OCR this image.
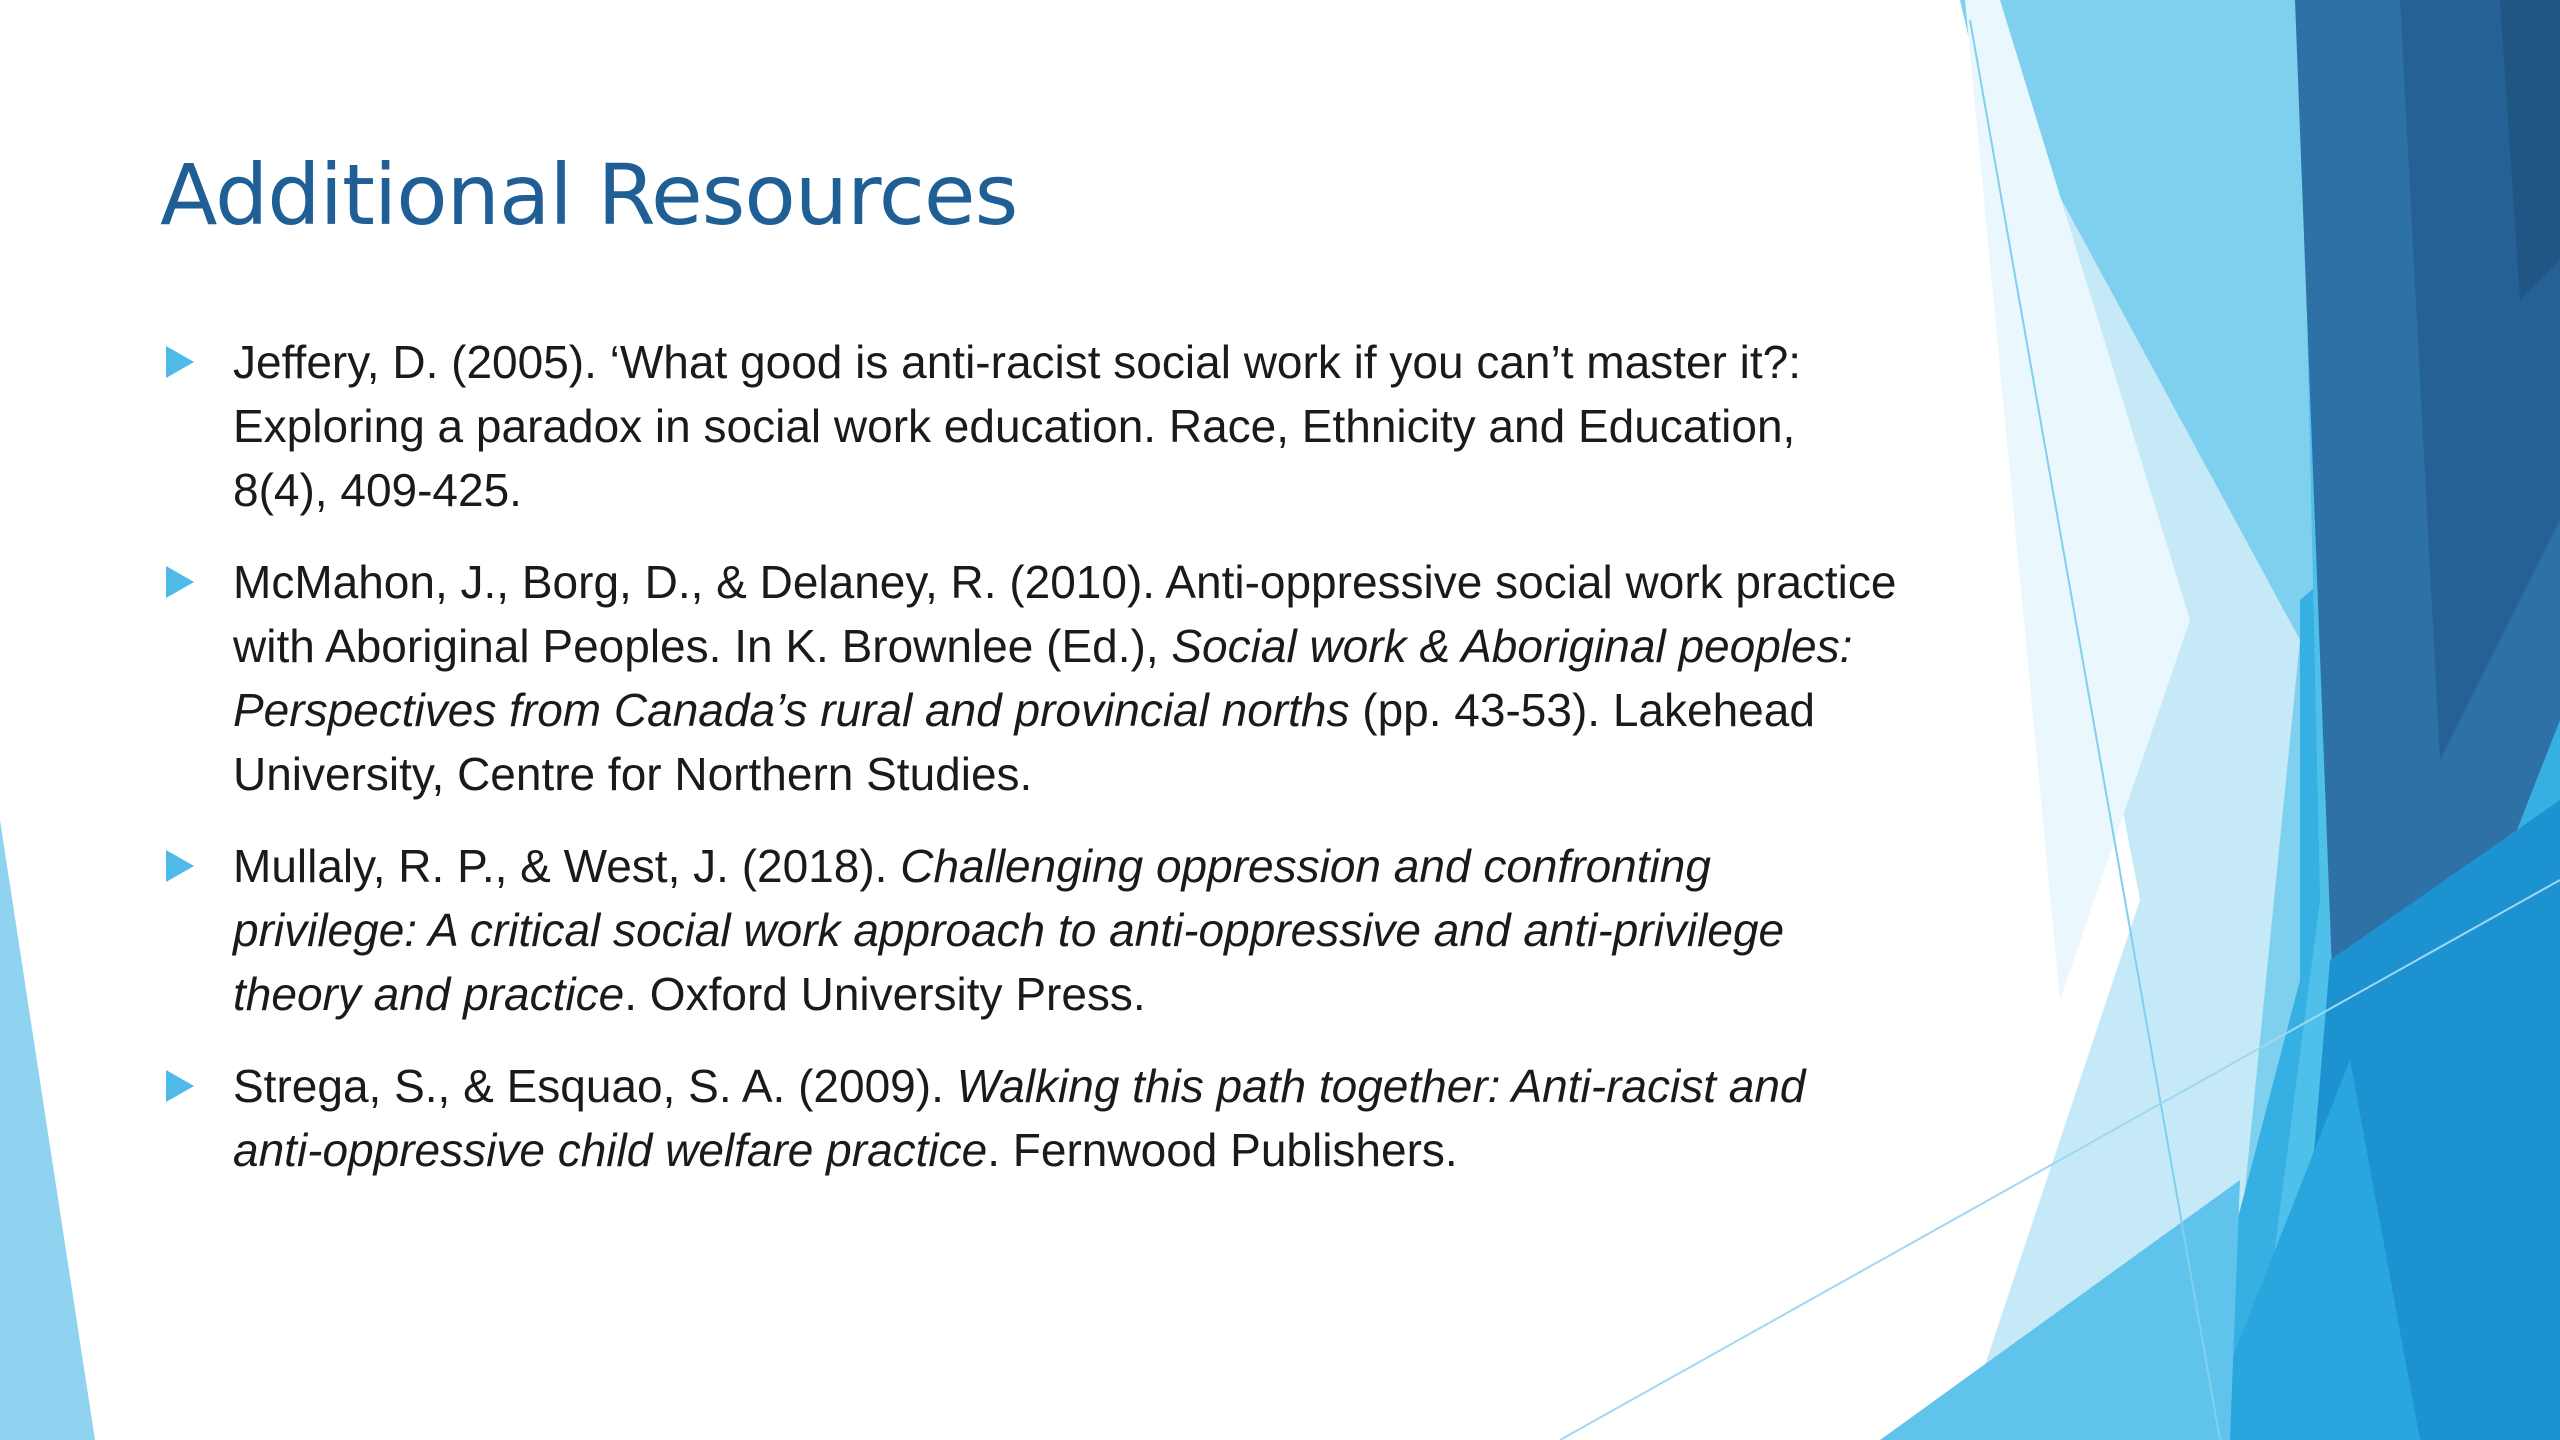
Additional Resources
Jeffery, D. (2005). ‘What good is anti-racist social work if you can’t master it?: Exploring a paradox in social work education. Race, Ethnicity and Education, 8(4), 409-425.
McMahon, J., Borg, D., & Delaney, R. (2010). Anti-oppressive social work practice with Aboriginal Peoples. In K. Brownlee (Ed.), Social work & Aboriginal peoples: Perspectives from Canada’s rural and provincial norths (pp. 43-53). Lakehead University, Centre for Northern Studies.
Mullaly, R. P., & West, J. (2018). Challenging oppression and confronting privilege: A critical social work approach to anti-oppressive and anti-privilege theory and practice. Oxford University Press.
Strega, S., & Esquao, S. A. (2009). Walking this path together: Anti-racist and anti-oppressive child welfare practice. Fernwood Publishers.
